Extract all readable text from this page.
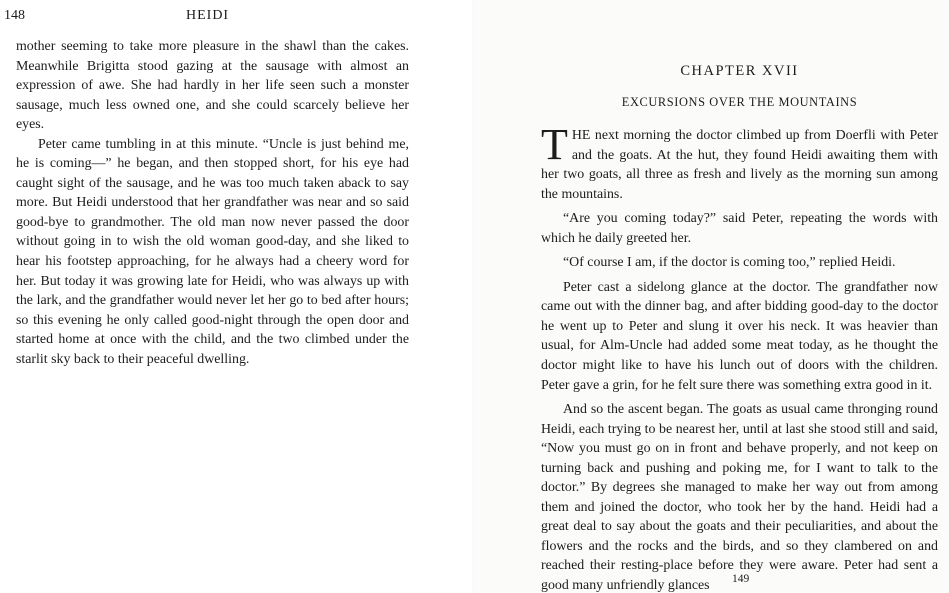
148	HEIDI

mother seeming to take more pleasure in the shawl than the cakes. Meanwhile Brigitta stood gazing at the sausage with almost an expression of awe. She had hardly in her life seen such a monster sausage, much less owned one, and she could scarcely believe her eyes.

Peter came tumbling in at this minute. “Uncle is just behind me, he is coming—” he began, and then stopped short, for his eye had caught sight of the sausage, and he was too much taken aback to say more. But Heidi understood that her grandfather was near and so said good-bye to grandmother. The old man now never passed the door without going in to wish the old woman good-day, and she liked to hear his footstep approaching, for he always had a cheery word for her. But today it was growing late for Heidi, who was always up with the lark, and the grandfather would never let her go to bed after hours; so this evening he only called good-night through the open door and started home at once with the child, and the two climbed under the starlit sky back to their peaceful dwelling.

CHAPTER XVII
EXCURSIONS OVER THE MOUNTAINS

THE next morning the doctor climbed up from Doerfli with Peter and the goats. At the hut, they found Heidi awaiting them with her two goats, all three as fresh and lively as the morning sun among the mountains.

“Are you coming today?” said Peter, repeating the words with which he daily greeted her.

“Of course I am, if the doctor is coming too,” replied Heidi.

Peter cast a sidelong glance at the doctor. The grandfather now came out with the dinner bag, and after bidding good-day to the doctor he went up to Peter and slung it over his neck. It was heavier than usual, for Alm-Uncle had added some meat today, as he thought the doctor might like to have his lunch out of doors with the children. Peter gave a grin, for he felt sure there was something extra good in it.

And so the ascent began. The goats as usual came thronging round Heidi, each trying to be nearest her, until at last she stood still and said, “Now you must go on in front and behave properly, and not keep on turning back and pushing and poking me, for I want to talk to the doctor.” By degrees she managed to make her way out from among them and joined the doctor, who took her by the hand. Heidi had a great deal to say about the goats and their peculiarities, and about the flowers and the rocks and the birds, and so they clambered on and reached their resting-place before they were aware. Peter had sent a good many unfriendly glances	149
